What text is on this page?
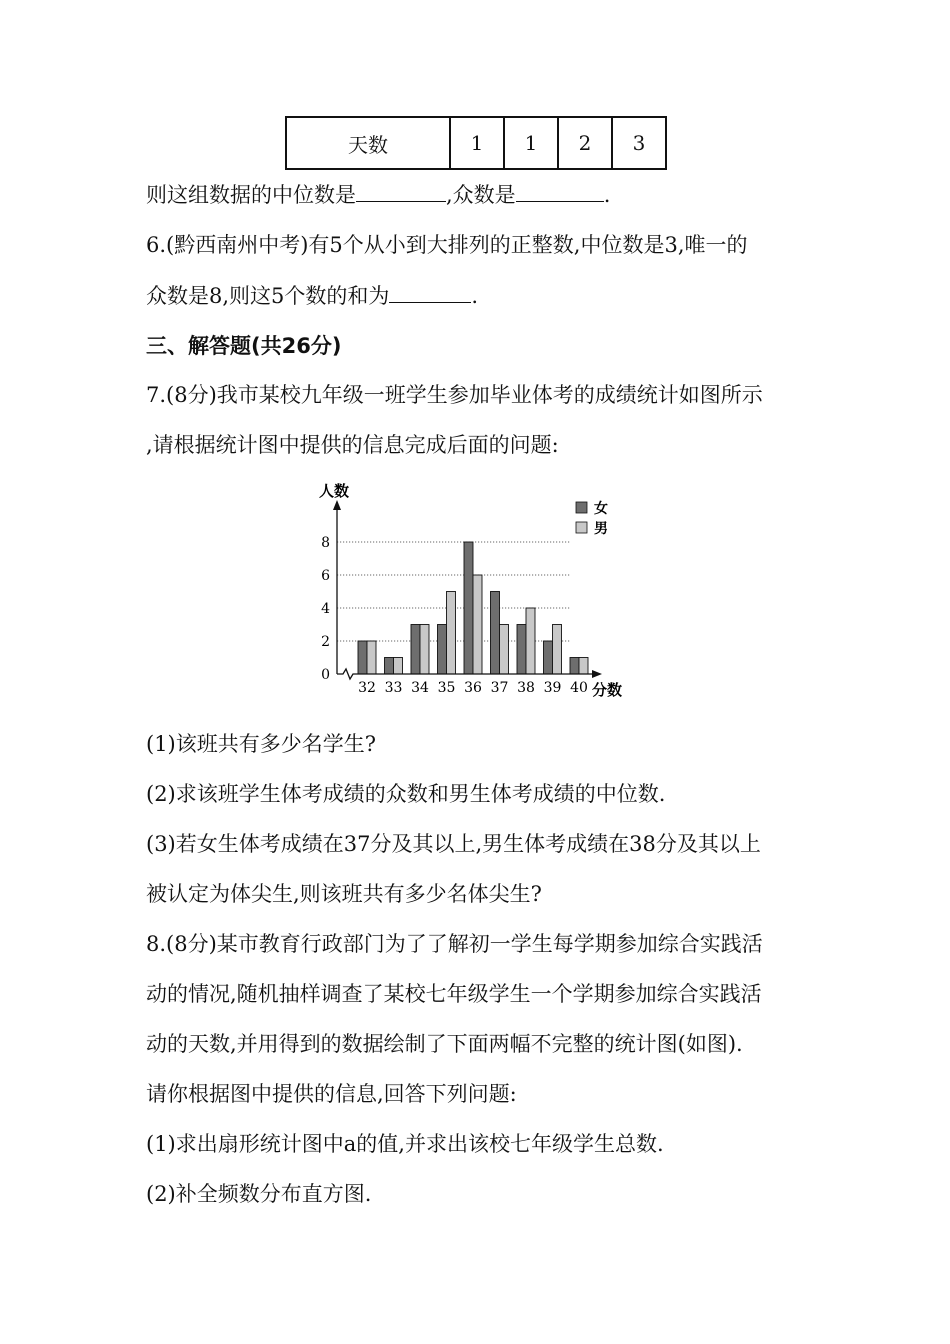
天数	1	1	2	3
则这组数据的中位数是	,众数是	.
6.(黔西南州中考)有5个从小到大排列的正整数,中位数是3,唯一的
众数是8,则这5个数的和为	.
三、解答题(共26分)
7.(8分)我市某校九年级一班学生参加毕业体考的成绩统计如图所示
,请根据统计图中提供的信息完成后面的问题:
人数
分数
0
2
4
6
8
32 33 34 35 36 37 38 39 40
女
男
(1)该班共有多少名学生?
(2)求该班学生体考成绩的众数和男生体考成绩的中位数.
(3)若女生体考成绩在37分及其以上,男生体考成绩在38分及其以上
被认定为体尖生,则该班共有多少名体尖生?
8.(8分)某市教育行政部门为了了解初一学生每学期参加综合实践活
动的情况,随机抽样调查了某校七年级学生一个学期参加综合实践活
动的天数,并用得到的数据绘制了下面两幅不完整的统计图(如图).
请你根据图中提供的信息,回答下列问题:
(1)求出扇形统计图中a的值,并求出该校七年级学生总数.
(2)补全频数分布直方图.
